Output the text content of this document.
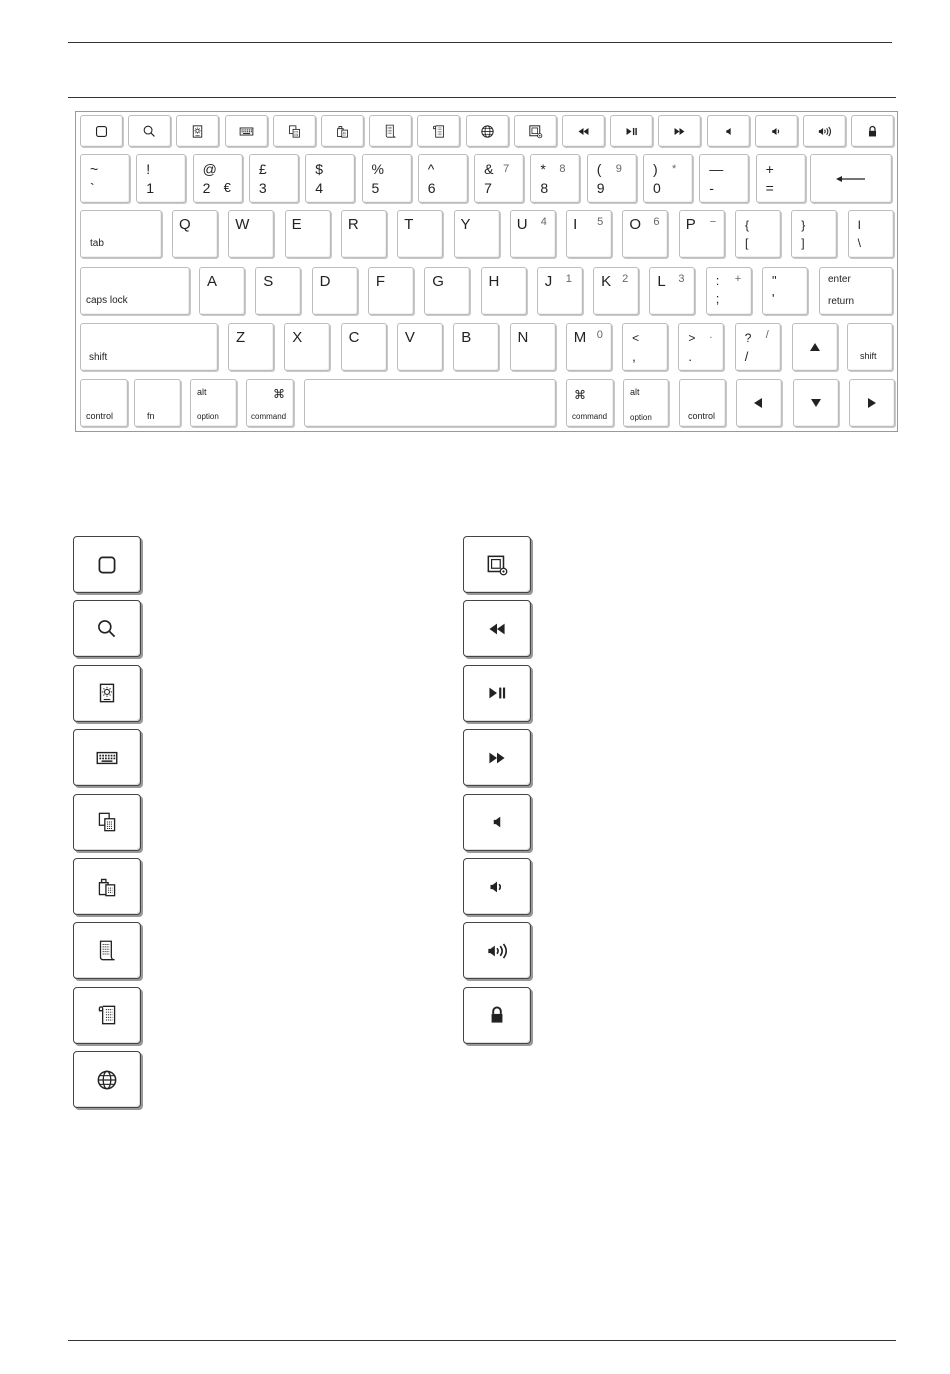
~
`
!
1
@
2 €
£
3
$
4
%
5
^
6
&
7
7 *
8
8 (
9
9 )
0
* —
-
+
=
tab
Q	W	E	R	T	Y	U 4 I 5 O 6 P − {
[
}
]
I
\
caps lock
A	S	D	F	G	H	J 1 K 2 L 3 :
;
+ "
'
enter
return
shift
Z	X	C	V	B	N	M 0 <
,
>
.
.	?
/
/
shift
control	fn
alt
option
⌘
command
⌘
command
alt
option	control
